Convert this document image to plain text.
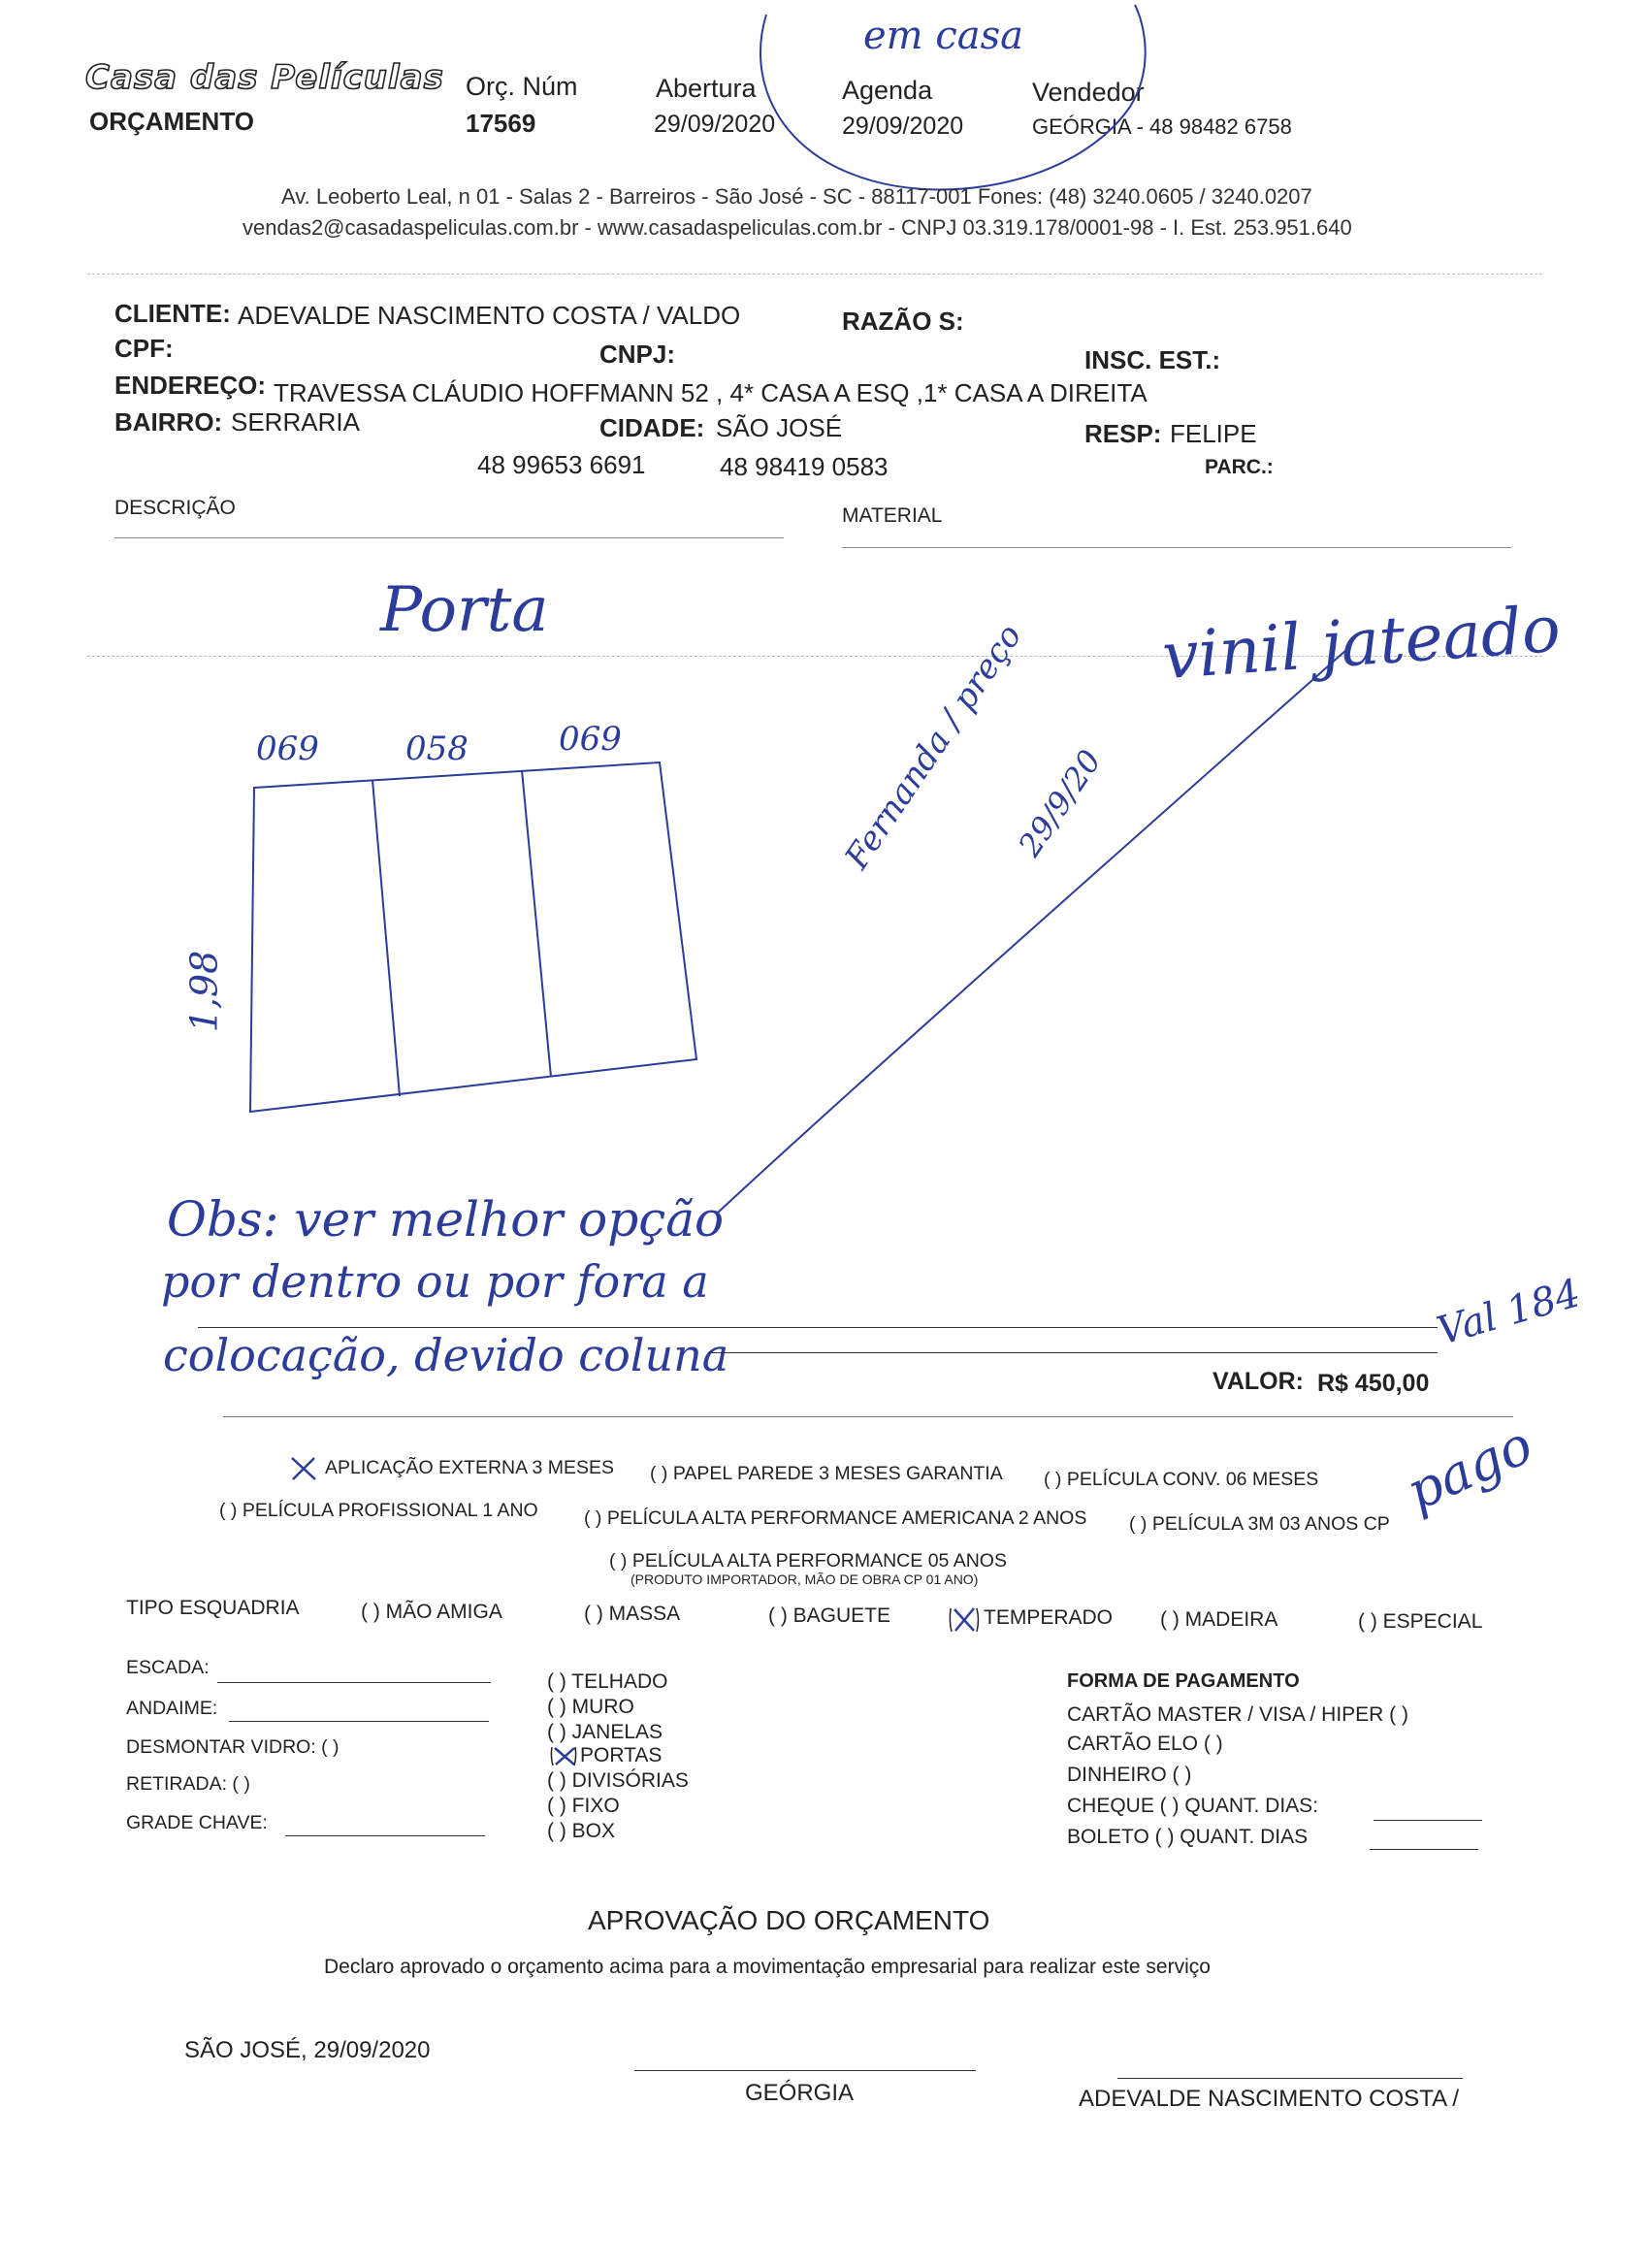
Casa das Películas
ORÇAMENTO
Orç. Núm
17569
Abertura
29/09/2020
Agenda
29/09/2020
Vendedor
GEÓRGIA - 48 98482 6758
em casa
Av. Leoberto Leal, n 01 - Salas 2 - Barreiros - São José - SC - 88117-001 Fones: (48) 3240.0605 / 3240.0207
vendas2@casadaspeliculas.com.br - www.casadaspeliculas.com.br - CNPJ 03.319.178/0001-98 - I. Est. 253.951.640
CLIENTE: ADEVALDE NASCIMENTO COSTA / VALDO	RAZÃO S:
CPF:	CNPJ:	INSC. EST.:
ENDEREÇO: TRAVESSA CLÁUDIO HOFFMANN 52 , 4* CASA A ESQ ,1* CASA A DIREITA
BAIRRO: SERRARIA	CIDADE: SÃO JOSÉ	RESP: FELIPE
48 99653 6691	48 98419 0583	PARC.:
DESCRIÇÃO	MATERIAL
Porta	vinil jateado
069	058	069
1,98
Fernanda / preço
29/9/20
Obs: ver melhor opção
por dentro ou por fora a
colocação, devido coluna	VALOR: R$ 450,00
Val 184
pago
APLICAÇÃO EXTERNA 3 MESES ( ) PAPEL PAREDE 3 MESES GARANTIA ( ) PELÍCULA CONV. 06 MESES
( ) PELÍCULA PROFISSIONAL 1 ANO ( ) PELÍCULA ALTA PERFORMANCE AMERICANA 2 ANOS ( ) PELÍCULA 3M 03 ANOS CP
( ) PELÍCULA ALTA PERFORMANCE 05 ANOS
(PRODUTO IMPORTADOR, MÃO DE OBRA CP 01 ANO)
TIPO ESQUADRIA	( ) MÃO AMIGA	( ) MASSA	( ) BAGUETE	TEMPERADO ( ) MADEIRA	( ) ESPECIAL
ESCADA:
ANDAIME:
DESMONTAR VIDRO: ( )
RETIRADA: ( )
GRADE CHAVE:
( ) TELHADO
( ) MURO
( ) JANELAS
PORTAS
( ) DIVISÓRIAS
( ) FIXO
( ) BOX
FORMA DE PAGAMENTO
CARTÃO MASTER / VISA / HIPER ( )
CARTÃO ELO ( )
DINHEIRO ( )
CHEQUE ( ) QUANT. DIAS:
BOLETO ( ) QUANT. DIAS
APROVAÇÃO DO ORÇAMENTO
Declaro aprovado o orçamento acima para a movimentação empresarial para realizar este serviço
SÃO JOSÉ, 29/09/2020
GEÓRGIA	ADEVALDE NASCIMENTO COSTA /
